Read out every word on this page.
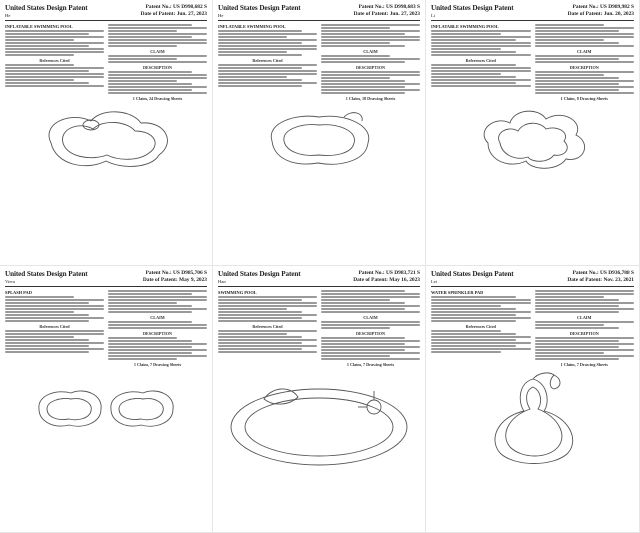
United States Design Patent
He
Patent No.: US D998,682 S
Date of Patent: Jun. 27, 2023
INFLATABLE SWIMMING POOL
References Cited
CLAIM
DESCRIPTION
1 Claim, 24 Drawing Sheets
United States Design Patent
He
Patent No.: US D998,683 S
Date of Patent: Jun. 27, 2023
INFLATABLE SWIMMING POOL
References Cited
CLAIM
DESCRIPTION
1 Claim, 18 Drawing Sheets
United States Design Patent
Li
Patent No.: US D989,982 S
Date of Patent: Jun. 20, 2023
INFLATABLE SWIMMING POOL
References Cited
CLAIM
DESCRIPTION
1 Claim, 8 Drawing Sheets
United States Design Patent
Viera
Patent No.: US D985,706 S
Date of Patent: May 9, 2023
SPLASH PAD
References Cited
CLAIM
DESCRIPTION
1 Claim, 7 Drawing Sheets
United States Design Patent
Han
Patent No.: US D983,721 S
Date of Patent: May 16, 2023
SWIMMING POOL
References Cited
CLAIM
DESCRIPTION
1 Claim, 7 Drawing Sheets
United States Design Patent
Lei
Patent No.: US D936,788 S
Date of Patent: Nov. 23, 2021
WATER SPRINKLER PAD
References Cited
CLAIM
DESCRIPTION
1 Claim, 7 Drawing Sheets
